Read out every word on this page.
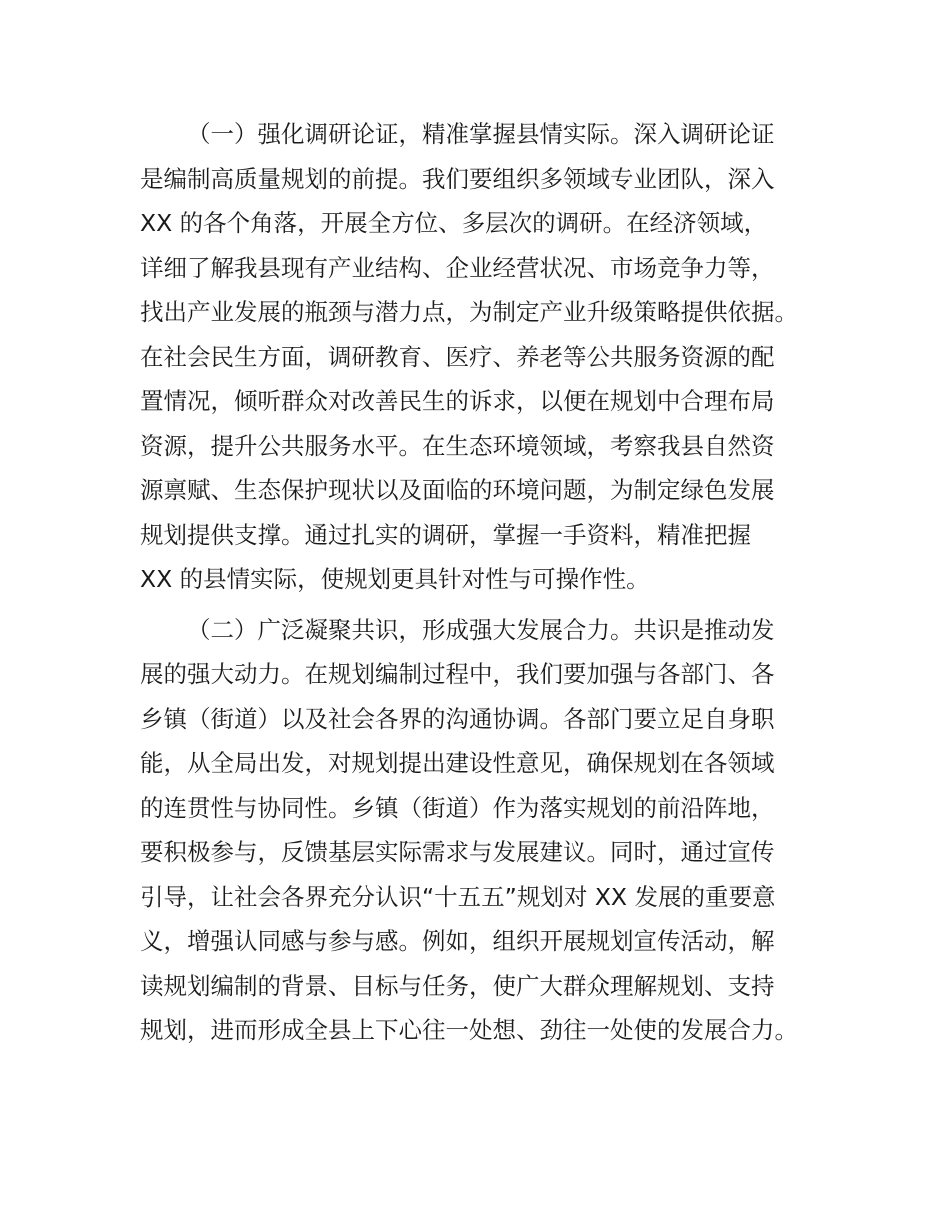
（一）强化调研论证，精准掌握县情实际。深入调研论证
是编制高质量规划的前提。我们要组织多领域专业团队，深入
XX 的各个角落，开展全方位、多层次的调研。在经济领域，
详细了解我县现有产业结构、企业经营状况、市场竞争力等，
找出产业发展的瓶颈与潜力点，为制定产业升级策略提供依据。
在社会民生方面，调研教育、医疗、养老等公共服务资源的配
置情况，倾听群众对改善民生的诉求，以便在规划中合理布局
资源，提升公共服务水平。在生态环境领域，考察我县自然资
源禀赋、生态保护现状以及面临的环境问题，为制定绿色发展
规划提供支撑。通过扎实的调研，掌握一手资料，精准把握
XX 的县情实际，使规划更具针对性与可操作性。
（二）广泛凝聚共识，形成强大发展合力。共识是推动发
展的强大动力。在规划编制过程中，我们要加强与各部门、各
乡镇（街道）以及社会各界的沟通协调。各部门要立足自身职
能，从全局出发，对规划提出建设性意见，确保规划在各领域
的连贯性与协同性。乡镇（街道）作为落实规划的前沿阵地，
要积极参与，反馈基层实际需求与发展建议。同时，通过宣传
引导，让社会各界充分认识“十五五”规划对 XX 发展的重要意
义，增强认同感与参与感。例如，组织开展规划宣传活动，解
读规划编制的背景、目标与任务，使广大群众理解规划、支持
规划，进而形成全县上下心往一处想、劲往一处使的发展合力。
